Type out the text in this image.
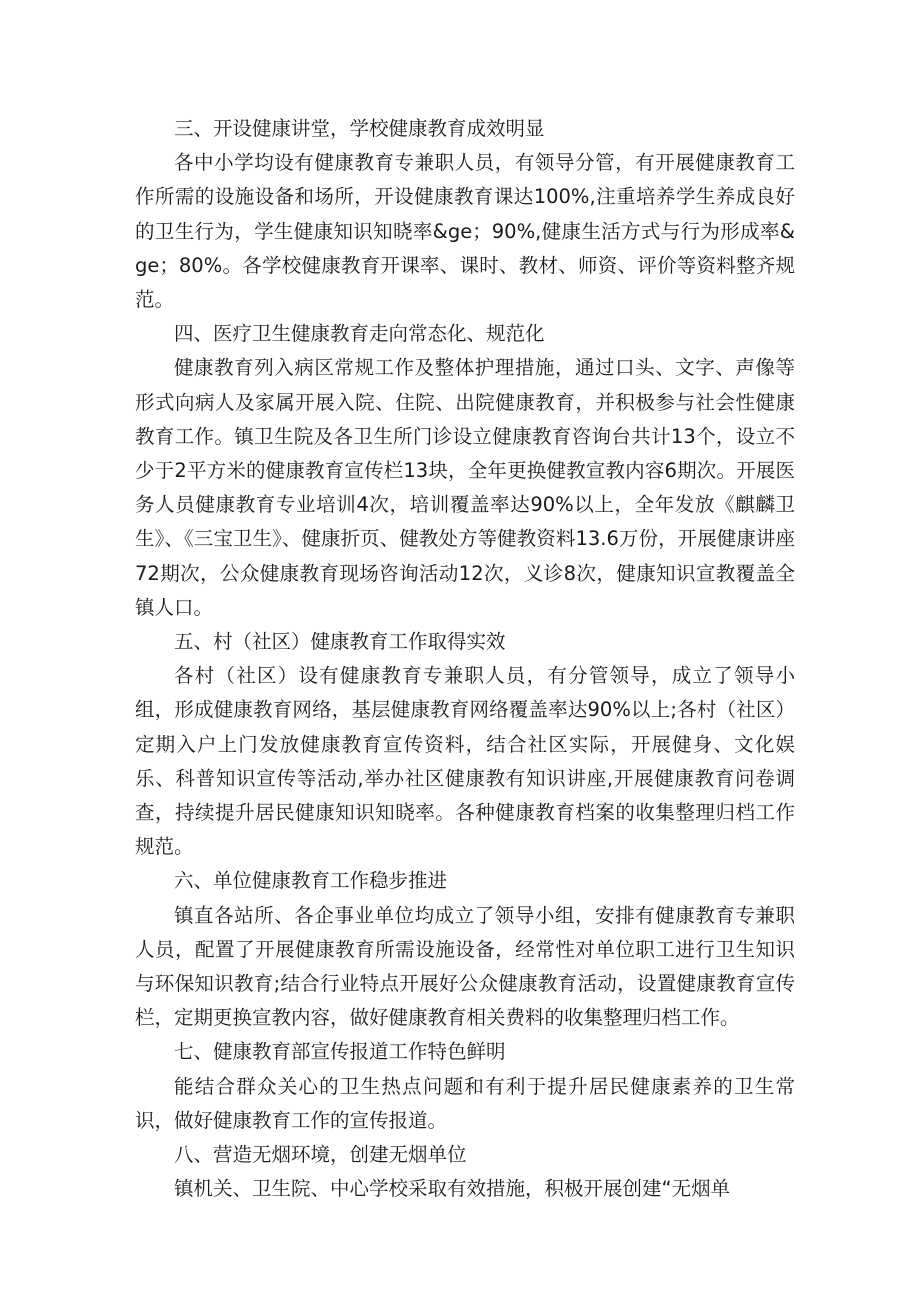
三、开设健康讲堂，学校健康教育成效明显

各中小学均设有健康教育专兼职人员，有领导分管，有开展健康教育工作所需的设施设备和场所，开设健康教育课达100%,注重培养学生养成良好的卫生行为，学生健康知识知晓率&ge；90%,健康生活方式与行为形成率&ge；80%。各学校健康教育开课率、课时、教材、师资、评价等资料整齐规范。

四、医疗卫生健康教育走向常态化、规范化

健康教育列入病区常规工作及整体护理措施，通过口头、文字、声像等形式向病人及家属开展入院、住院、出院健康教育，并积极参与社会性健康教育工作。镇卫生院及各卫生所门诊设立健康教育咨询台共计13个，设立不少于2平方米的健康教育宣传栏13块，全年更换健教宣教内容6期次。开展医务人员健康教育专业培训4次，培训覆盖率达90%以上，全年发放《麒麟卫生》、《三宝卫生》、健康折页、健教处方等健教资料13.6万份，开展健康讲座72期次，公众健康教育现场咨询活动12次，义诊8次，健康知识宣教覆盖全镇人口。

五、村（社区）健康教育工作取得实效

各村（社区）设有健康教育专兼职人员，有分管领导，成立了领导小组，形成健康教育网络，基层健康教育网络覆盖率达90%以上;各村（社区）定期入户上门发放健康教育宣传资料，结合社区实际，开展健身、文化娱乐、科普知识宣传等活动,举办社区健康教有知识讲座,开展健康教育问卷调查，持续提升居民健康知识知晓率。各种健康教育档案的收集整理归档工作规范。

六、单位健康教育工作稳步推进

镇直各站所、各企事业单位均成立了领导小组，安排有健康教育专兼职人员，配置了开展健康教育所需设施设备，经常性对单位职工进行卫生知识与环保知识教育;结合行业特点开展好公众健康教育活动，设置健康教育宣传栏，定期更换宣教内容，做好健康教育相关费料的收集整理归档工作。

七、健康教育部宣传报道工作特色鲜明

能结合群众关心的卫生热点问题和有利于提升居民健康素养的卫生常识，做好健康教育工作的宣传报道。

八、营造无烟环境，创建无烟单位

镇机关、卫生院、中心学校采取有效措施，积极开展创建“无烟单
